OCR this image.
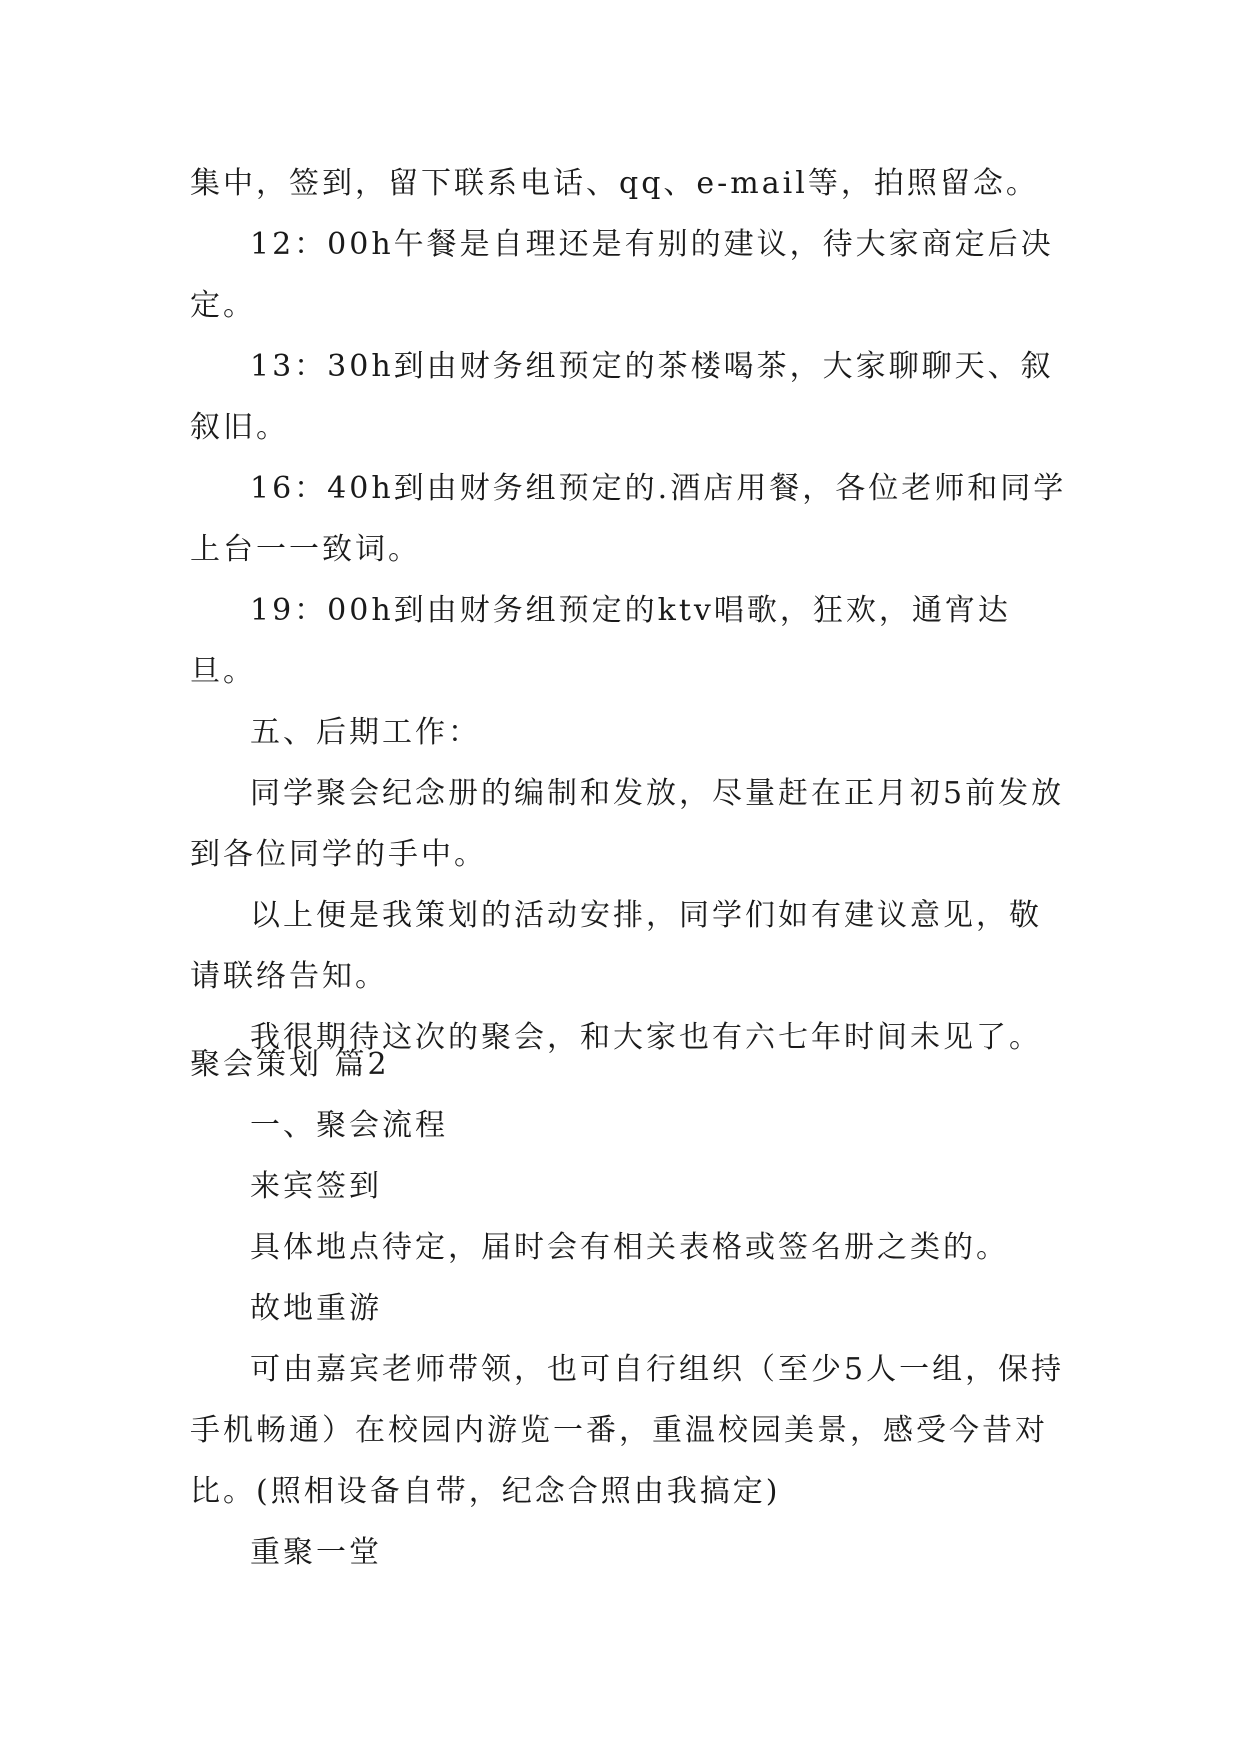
集中，签到，留下联系电话、qq、e-mail等，拍照留念。

12：00h午餐是自理还是有别的建议，待大家商定后决定。

13：30h到由财务组预定的茶楼喝茶，大家聊聊天、叙叙旧。

16：40h到由财务组预定的.酒店用餐，各位老师和同学上台一一致词。

19：00h到由财务组预定的ktv唱歌，狂欢，通宵达旦。

五、后期工作：

同学聚会纪念册的编制和发放，尽量赶在正月初5前发放到各位同学的手中。

以上便是我策划的活动安排，同学们如有建议意见，敬请联络告知。

我很期待这次的聚会，和大家也有六七年时间未见了。

聚会策划 篇2

一、聚会流程

来宾签到

具体地点待定，届时会有相关表格或签名册之类的。

故地重游

可由嘉宾老师带领，也可自行组织（至少5人一组，保持手机畅通）在校园内游览一番，重温校园美景，感受今昔对比。(照相设备自带，纪念合照由我搞定)

重聚一堂
